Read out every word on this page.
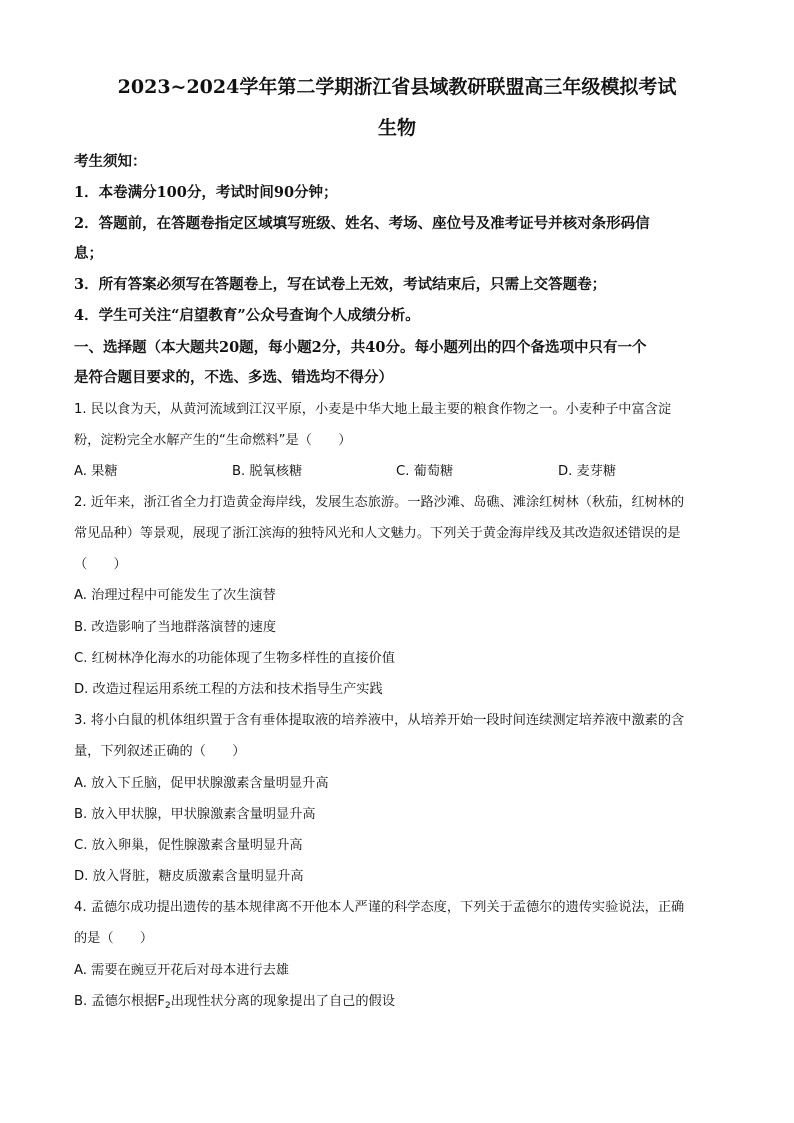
2023~2024学年第二学期浙江省县域教研联盟高三年级模拟考试
生物
考生须知：
1．本卷满分100分，考试时间90分钟；
2．答题前，在答题卷指定区域填写班级、姓名、考场、座位号及准考证号并核对条形码信
息；
3．所有答案必须写在答题卷上，写在试卷上无效，考试结束后，只需上交答题卷；
4．学生可关注“启望教育”公众号查询个人成绩分析。
一、选择题（本大题共20题，每小题2分，共40分。每小题列出的四个备选项中只有一个
是符合题目要求的，不选、多选、错选均不得分）
1. 民以食为天，从黄河流域到江汉平原，小麦是中华大地上最主要的粮食作物之一。小麦种子中富含淀
粉，淀粉完全水解产生的“生命燃料”是（　　）
A. 果糖	B. 脱氧核糖	C. 葡萄糖	D. 麦芽糖
2. 近年来，浙江省全力打造黄金海岸线，发展生态旅游。一路沙滩、岛礁、滩涂红树林（秋茄，红树林的
常见品种）等景观，展现了浙江滨海的独特风光和人文魅力。下列关于黄金海岸线及其改造叙述错误的是
（　　）
A. 治理过程中可能发生了次生演替
B. 改造影响了当地群落演替的速度
C. 红树林净化海水的功能体现了生物多样性的直接价值
D. 改造过程运用系统工程的方法和技术指导生产实践
3. 将小白鼠的机体组织置于含有垂体提取液的培养液中，从培养开始一段时间连续测定培养液中激素的含
量，下列叙述正确的（　　）
A. 放入下丘脑，促甲状腺激素含量明显升高
B. 放入甲状腺，甲状腺激素含量明显升高
C. 放入卵巢，促性腺激素含量明显升高
D. 放入肾脏，糖皮质激素含量明显升高
4. 孟德尔成功提出遗传的基本规律离不开他本人严谨的科学态度，下列关于孟德尔的遗传实验说法，正确
的是（　　）
A. 需要在豌豆开花后对母本进行去雄
B. 孟德尔根据$F_2$出现性状分离的现象提出了自己的假设
